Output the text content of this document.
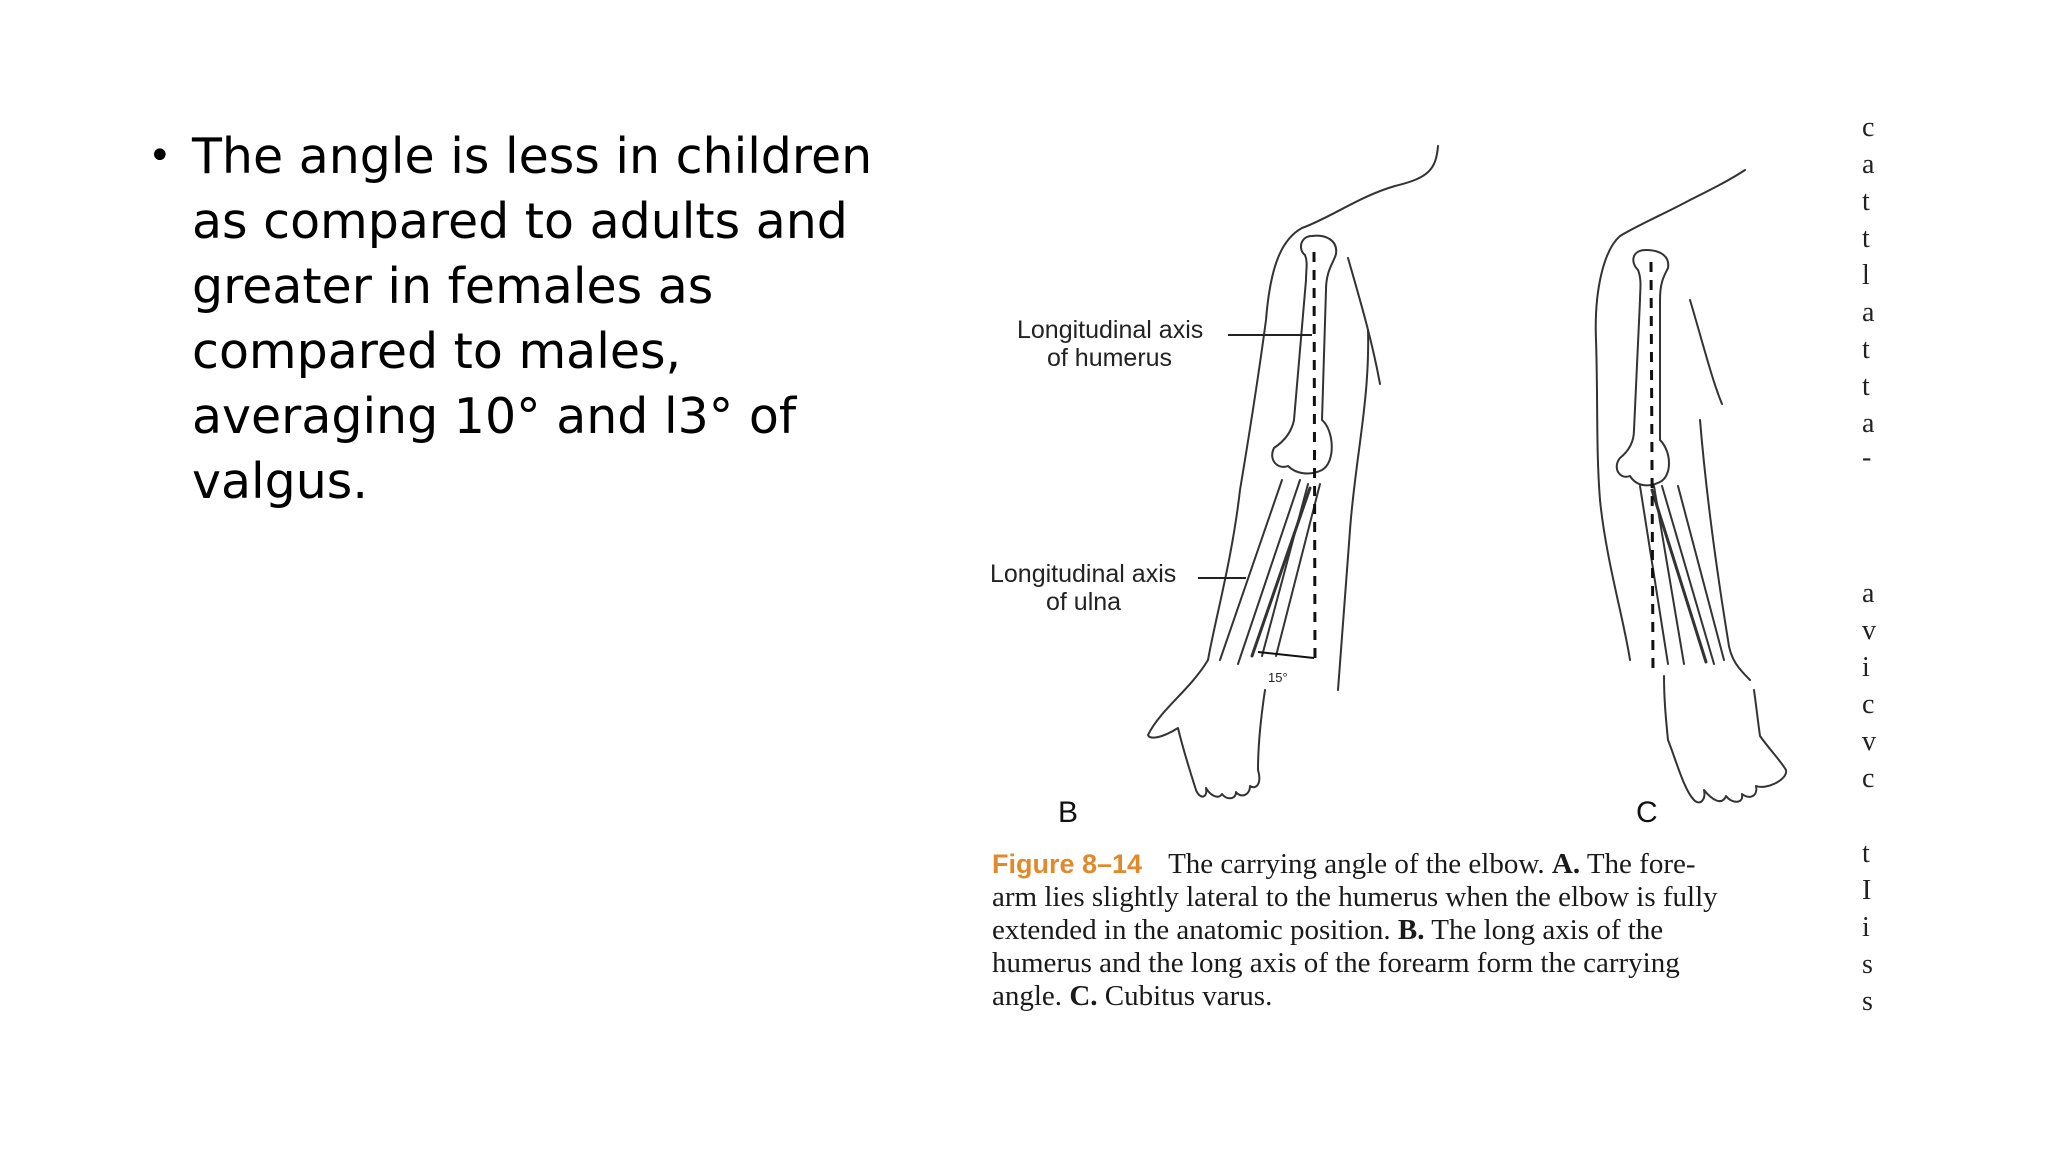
• The angle is less in children
as compared to adults and
greater in females as
compared to males,
averaging 10° and l3° of
valgus.

15°
Longitudinal axis
of humerus
Longitudinal axis
of ulna
B	C
Figure 8–14 The carrying angle of the elbow. A. The fore-
arm lies slightly lateral to the humerus when the elbow is fully
extended in the anatomic position. B. The long axis of the
humerus and the long axis of the forearm form the carrying
angle. C. Cubitus varus.
c
a
t
t
l
a
t
t
a
-
a
v
i
c
v
c
t
I
i
s
s
